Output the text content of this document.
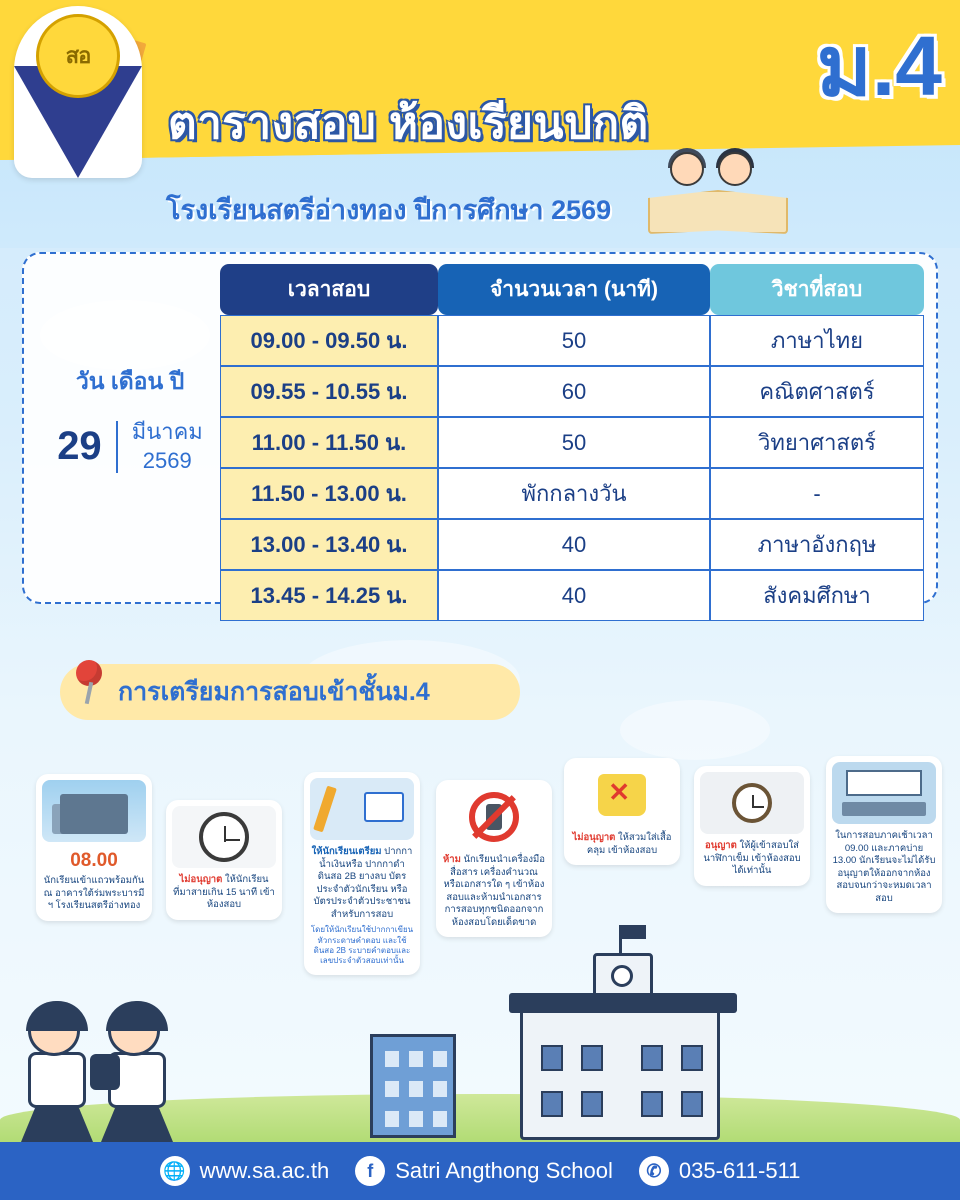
สอ
ตารางสอบ ห้องเรียนปกติ
ม.4
โรงเรียนสตรีอ่างทอง ปีการศึกษา 2569
วัน เดือน ปี
29 มีนาคม
2569
เวลาสอบ	จำนวนเวลา (นาที)	วิชาที่สอบ
09.00 - 09.50 น.	50	ภาษาไทย
09.55 - 10.55 น.	60	คณิตศาสตร์
11.00 - 11.50 น.	50	วิทยาศาสตร์
11.50 - 13.00 น.	พักกลางวัน	-
13.00 - 13.40 น.	40	ภาษาอังกฤษ
13.45 - 14.25 น.	40	สังคมศึกษา
การเตรียมการสอบเข้าชั้นม.4
08.00
นักเรียนเข้าแถวพร้อมกัน ณ อาคารใต้ร่มพระบารมี ฯ โรงเรียนสตรีอ่างทอง
ไม่อนุญาต ให้นักเรียนที่มาสายเกิน 15 นาที เข้าห้องสอบ
ให้นักเรียนเตรียม ปากกาน้ำเงินหรือ ปากกาดำ ดินสอ 2B ยางลบ บัตรประจำตัวนักเรียน หรือบัตรประจำตัวประชาชน สำหรับการสอบ
โดยให้นักเรียนใช้ปากกาเขียนหัวกระดาษคำตอบ และใช้ดินสอ 2B ระบายคำตอบและเลขประจำตัวสอบเท่านั้น
ห้าม นักเรียนนำเครื่องมือสื่อสาร เครื่องคำนวณ หรือเอกสารใด ๆ เข้าห้องสอบและห้ามนำเอกสารการสอบทุกชนิดออกจากห้องสอบโดยเด็ดขาด
✕
ไม่อนุญาต ให้สวมใส่เสื้อคลุม เข้าห้องสอบ	อนุญาต ให้ผู้เข้าสอบใส่นาฬิกาเข็ม เข้าห้องสอบได้เท่านั้น
ในการสอบภาคเช้าเวลา 09.00 และภาคบ่าย 13.00 นักเรียนจะไม่ได้รับอนุญาตให้ออกจากห้องสอบจนกว่าจะหมดเวลาสอบ
🌐 www.sa.ac.th	f	Satri Angthong School	✆ 035-611-511
